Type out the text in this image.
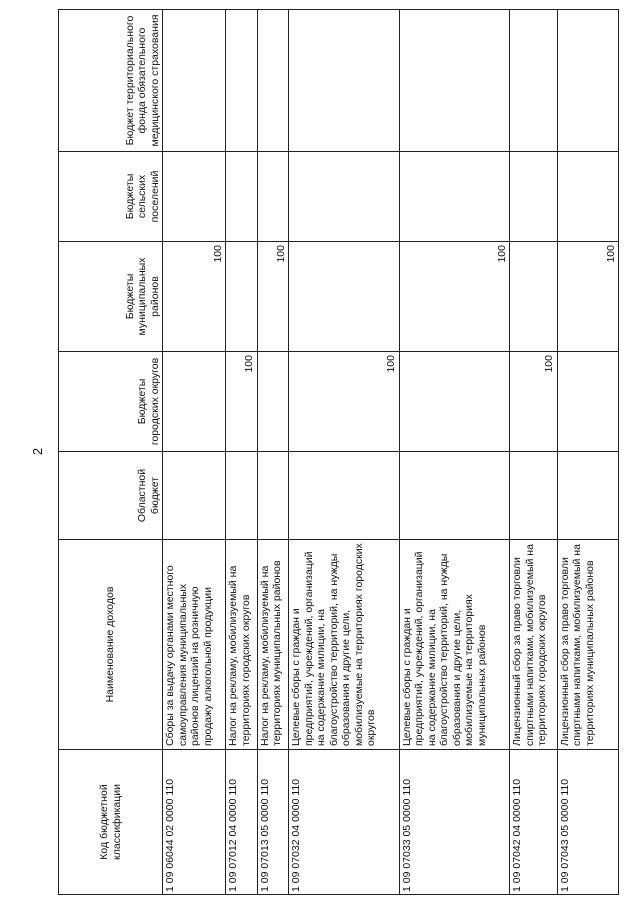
2
Код бюджетной классификации	Наименование доходов	Областной бюджет	Бюджеты городских округов	Бюджеты муниципальных районов	Бюджеты сельских поселений	Бюджет территориального фонда обязательного медицинского страхования
1 09 06044 02 0000 110	Сборы за выдачу органами местного самоуправления муниципальных районов лицензий на розничную продажу алкогольной продукции			100		
1 09 07012 04 0000 110	Налог на рекламу, мобилизуемый на территориях городских округов		100			
1 09 07013 05 0000 110	Налог на рекламу, мобилизуемый на территориях муниципальных районов			100		
1 09 07032 04 0000 110	Целевые сборы с граждан и предприятий, учреждений, организаций на содержание милиции, на благоустройство территорий, на нужды образования и другие цели, мобилизуемые на территориях городских округов		100			
1 09 07033 05 0000 110	Целевые сборы с граждан и предприятий, учреждений, организаций на содержание милиции, на благоустройство территорий, на нужды образования и другие цели, мобилизуемые на территориях муниципальных районов			100		
1 09 07042 04 0000 110	Лицензионный сбор за право торговли спиртными напитками, мобилизуемый на территориях городских округов		100			
1 09 07043 05 0000 110	Лицензионный сбор за право торговли спиртными напитками, мобилизуемый на территориях муниципальных районов			100		
